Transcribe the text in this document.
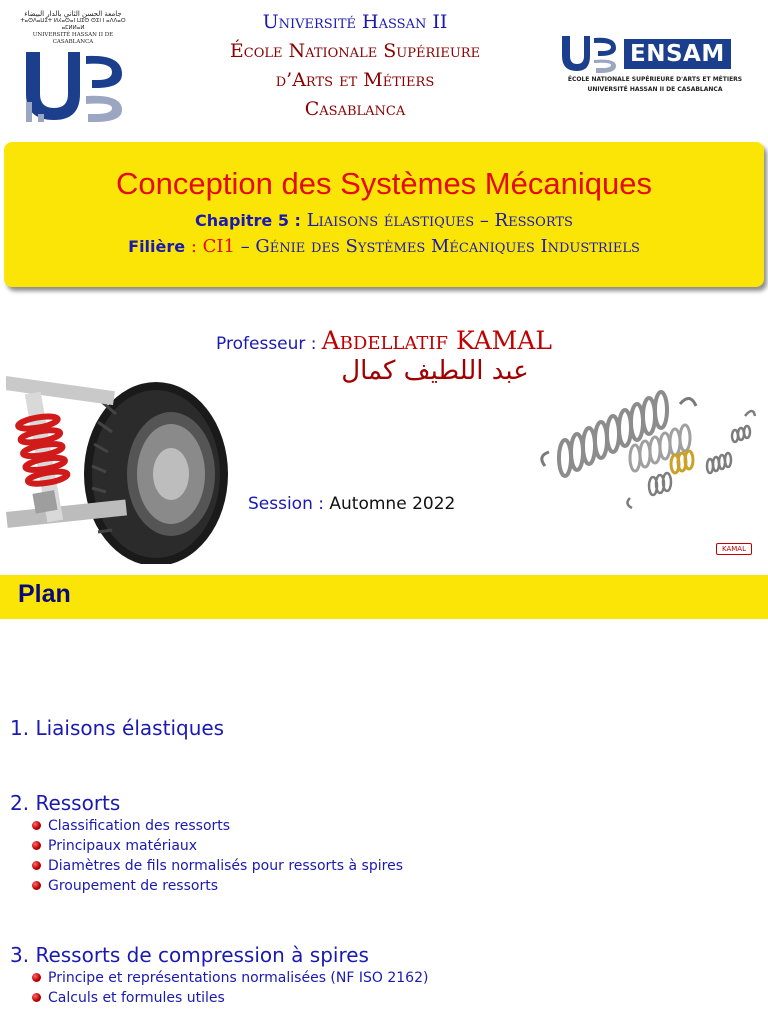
جامعة الحسن الثاني بالدار البيضاء
ⵜⴰⵙⴷⴰⵡⵉⵜ ⵍⵃⴰⵙⴰⵏ ⵡⵉⵙ ⵙⵉⵏ ⵏ ⴰⴷⴷⴰⵔ ⴰⵎⵍⵍⴰⵍ
UNIVERSITÉ HASSAN II DE CASABLANCA
Université Hassan II
École Nationale Supérieure
d’Arts et Métiers
Casablanca
ENSAM
ÉCOLE NATIONALE SUPÉRIEURE D'ARTS ET MÉTIERS
UNIVERSITÉ HASSAN II DE CASABLANCA
Conception des Systèmes Mécaniques
Chapitre 5 : Liaisons élastiques – Ressorts
Filière : CI1 – Génie des Systèmes Mécaniques Industriels
Professeur : Abdellatif KAMAL
عبد اللطيف كمال
Session : Automne 2022
KAMAL
Plan
1. Liaisons élastiques
2. Ressorts
Classification des ressorts
Principaux matériaux
Diamètres de fils normalisés pour ressorts à spires
Groupement de ressorts
3. Ressorts de compression à spires
Principe et représentations normalisées (NF ISO 2162)
Calculs et formules utiles
